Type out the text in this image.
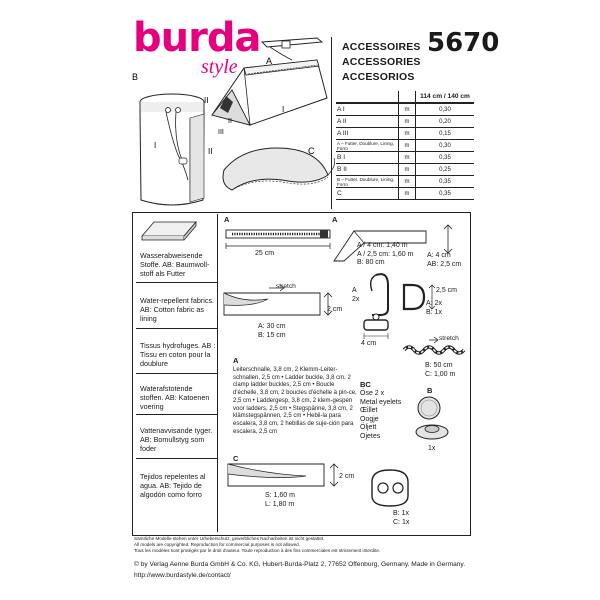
burda
style
5670
ACCESSOIRES
ACCESSORIES
ACCESORIOS
		114 cm / 140 cm
A I	m	0,30
A II	m	0,20
A III	m	0,15
A – Futter, Doublure, Lining, Forro	m	0,30
B I	m	0,35
B II	m	0,25
B – Futter, Doublure, Lining, Forro	m	0,35
C	m	0,35
A
B
C
I
II
III
II
I
II
Wasserabweisende Stoffe. AB: Baumwoll-stoff als Futter
Water-repellent fabrics. AB: Cotton fabric as lining
Tissus hydrofuges. AB : Tissu en coton pour la doublure
Waterafstotende stoffen. AB: Katoenen voering
Vattenavvisande tyger. AB: Bomullstyg som foder
Tejidos repelentes al agua. AB: Tejido de algodón como forro
A
25 cm
A
A / 4 cm: 1,40 m
A / 2,5 cm: 1,60 m
B: 80 cm
A: 4 cm
AB: 2,5 cm
stretch
2 cm
A: 30 cm
B: 15 cm
A
2x
4 cm
2,5 cm
A: 2x
B: 1x
stretch
B: 50 cm
C: 1,00 m
A
Leiterschnalle, 3,8 cm, 2 Klemm-Leiter-schnallen, 2,5 cm • Ladder buckle, 3,8 cm, 2 clamp ladder buckles, 2,5 cm • Boucle d'échelle, 3,8 cm, 2 boucles d'échelle à pin-ce, 2,5 cm • Laddergesp, 3,8 cm, 2 klem-gespen voor ladders, 2,5 cm • Stegspänne, 3,8 cm, 2 klämstegspännen, 2,5 cm • Hebil-la para escalera, 3,8 cm, 2 hebillas de suje-ción para escalera, 2,5 cm
BC
Öse 2 x
Metal eyelets
Œillet
Oogje
Öljett
Ojetes
B
1x
C
2 cm
S: 1,60 m
L: 1,80 m
B: 1x
C: 1x
Sämtliche Modelle stehen unter Urheberschutz, gewerbliches Nacharbeiten ist nicht gestattet.
All models are copyrighted. Reproduction for commercial purposes is not allowed.
Tous les modèles sont protégés par le droit d'auteur. Toute reproduction à des fins commerciales est strictement interdite.
© by Verlag Aenne Burda GmbH & Co. KG, Hubert-Burda-Platz 2, 77652 Offenburg, Germany. Made in Germany.
http://www.burdastyle.de/contact/
